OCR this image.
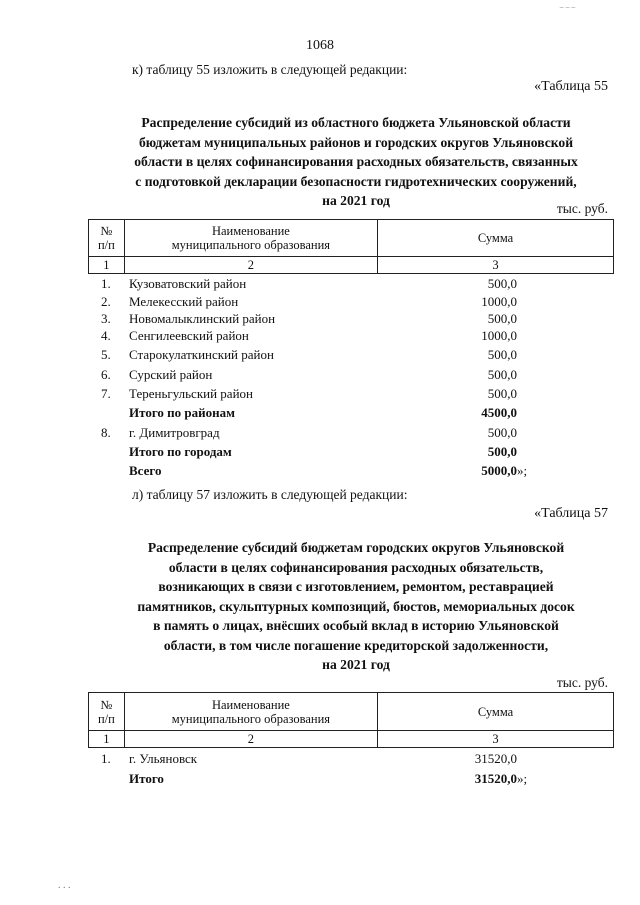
‾ ‾ ‾
1068
к) таблицу 55 изложить в следующей редакции:
«Таблица 55
Распределение субсидий из областного бюджета Ульяновской области
бюджетам муниципальных районов и городских округов Ульяновской
области в целях софинансирования расходных обязательств, связанных
с подготовкой декларации безопасности гидротехнических сооружений,
на 2021 год
тыс. руб.
№
п/п	Наименование
муниципального образования	Сумма
1	2	3
1. Кузоватовский район	500,0
2. Мелекесский район	1000,0
3. Новомалыклинский район	500,0
4. Сенгилеевский район	1000,0
5. Старокулаткинский район	500,0
6. Сурский район	500,0
7. Тереньгульский район	500,0
Итого по районам	4500,0
8. г. Димитровград	500,0
Итого по городам	500,0
Всего	5000,0 »;
л) таблицу 57 изложить в следующей редакции:
«Таблица 57
Распределение субсидий бюджетам городских округов Ульяновской
области в целях софинансирования расходных обязательств,
возникающих в связи с изготовлением, ремонтом, реставрацией
памятников, скульптурных композиций, бюстов, мемориальных досок
в память о лицах, внёсших особый вклад в историю Ульяновской
области, в том числе погашение кредиторской задолженности,
на 2021 год
тыс. руб.
№
п/п	Наименование
муниципального образования	Сумма
1	2	3
1. г. Ульяновск	31520,0
Итого	31520,0 »;
. . .
